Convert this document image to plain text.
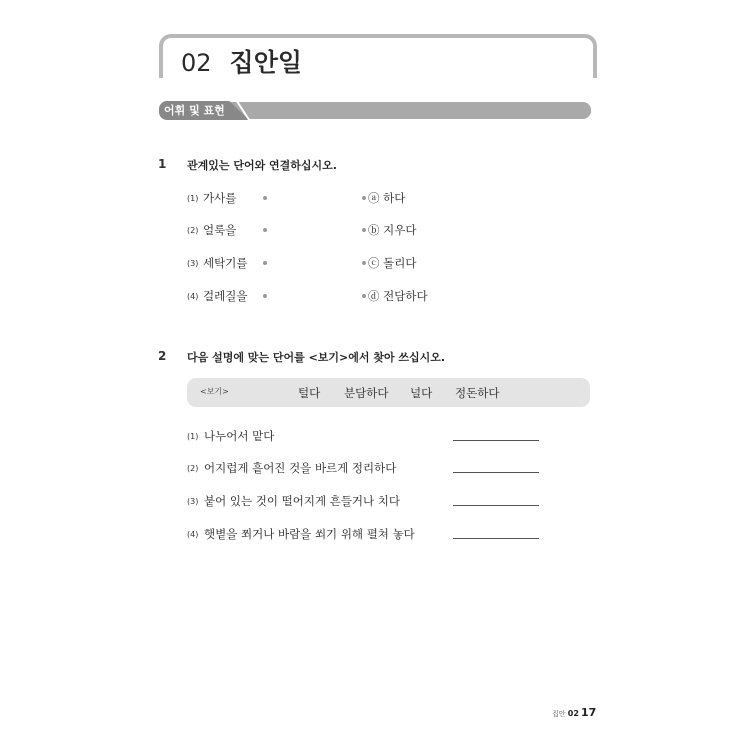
02 집안일
어휘 및 표현
1 관계있는 단어와 연결하십시오.
(1) 가사를	ⓐ 하다
(2) 얼룩을	ⓑ 지우다
(3) 세탁기를	ⓒ 돌리다
(4) 걸레질을	ⓓ 전담하다
2 다음 설명에 맞는 단어를 <보기>에서 찾아 쓰십시오.
<보기>	털다 분담하다 널다 정돈하다
(1) 나누어서 맡다
(2) 어지럽게 흩어진 것을 바르게 정리하다
(3) 붙어 있는 것이 떨어지게 흔들거나 치다
(4) 햇볕을 쬐거나 바람을 쐬기 위해 펼쳐 놓다
집안 02 17
